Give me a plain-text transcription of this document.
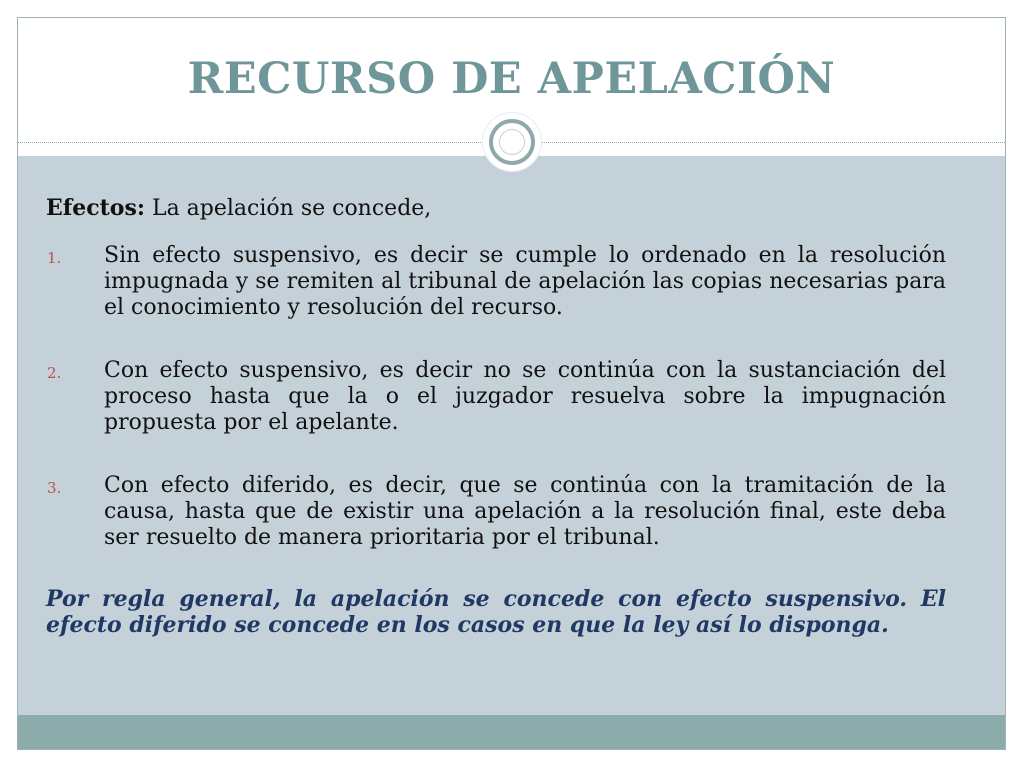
RECURSO DE APELACIÓN

Efectos: La apelación se concede,

1. Sin efecto suspensivo, es decir se cumple lo ordenado en la resolución impugnada y se remiten al tribunal de apelación las copias necesarias para el conocimiento y resolución del recurso.
2. Con efecto suspensivo, es decir no se continúa con la sustanciación del proceso hasta que la o el juzgador resuelva sobre la impugnación propuesta por el apelante.
3. Con efecto diferido, es decir, que se continúa con la tramitación de la causa, hasta que de existir una apelación a la resolución final, este deba ser resuelto de manera prioritaria por el tribunal.

Por regla general, la apelación se concede con efecto suspensivo. El efecto diferido se concede en los casos en que la ley así lo disponga.
